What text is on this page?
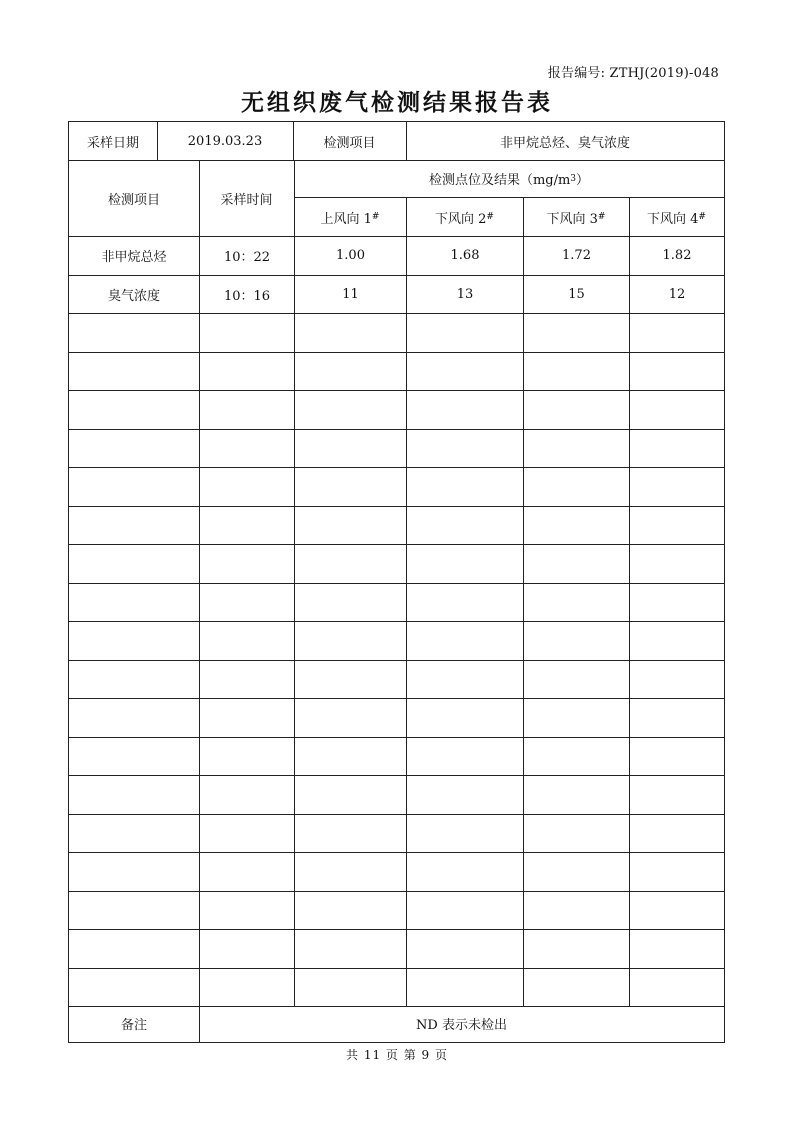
报告编号: ZTHJ(2019)-048
无组织废气检测结果报告表
采样日期	2019.03.23	检测项目	非甲烷总烃、臭气浓度
检测项目	采样时间
检测点位及结果（mg/m 3 ）
上风向 1 #	下风向 2 #	下风向 3 #	下风向 4 #
非甲烷总烃	10：22	1.00	1.68	1.72	1.82
臭气浓度	10：16	11	13	15	12
备注	ND 表示未检出
共 11 页 第 9 页
